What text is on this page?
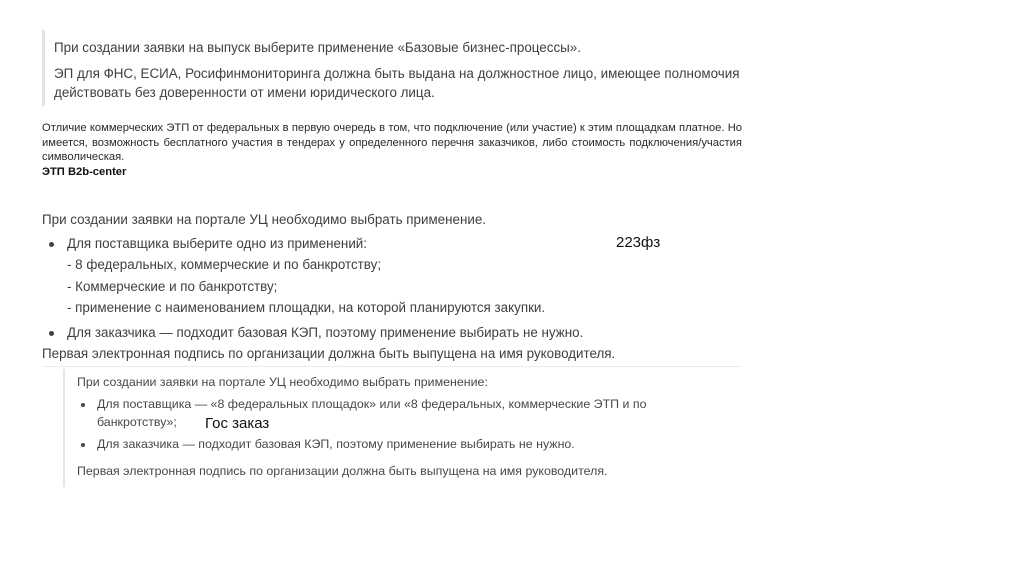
При создании заявки на выпуск выберите применение «Базовые бизнес-процессы».

ЭП для ФНС, ЕСИА, Росифинмониторинга должна быть выдана на должностное лицо, имеющее полномочия действовать без доверенности от имени юридического лица.

Отличие коммерческих ЭТП от федеральных в первую очередь в том, что подключение (или участие) к этим площадкам платное. Но имеется, возможность бесплатного участия в тендерах у определенного перечня заказчиков, либо стоимость подключения/участия символическая.

ЭТП B2b-center

При создании заявки на портале УЦ необходимо выбрать применение.

Для поставщика выберите одно из применений:
- 8 федеральных, коммерческие и по банкротству;
- Коммерческие и по банкротству;
- применение с наименованием площадки, на которой планируются закупки.
Для заказчика — подходит базовая КЭП, поэтому применение выбирать не нужно.

Первая электронная подпись по организации должна быть выпущена на имя руководителя.

223фз

При создании заявки на портале УЦ необходимо выбрать применение:

Для поставщика — «8 федеральных площадок» или «8 федеральных, коммерческие ЭТП и по банкротству»;
Для заказчика — подходит базовая КЭП, поэтому применение выбирать не нужно.

Первая электронная подпись по организации должна быть выпущена на имя руководителя.

Гос заказ
